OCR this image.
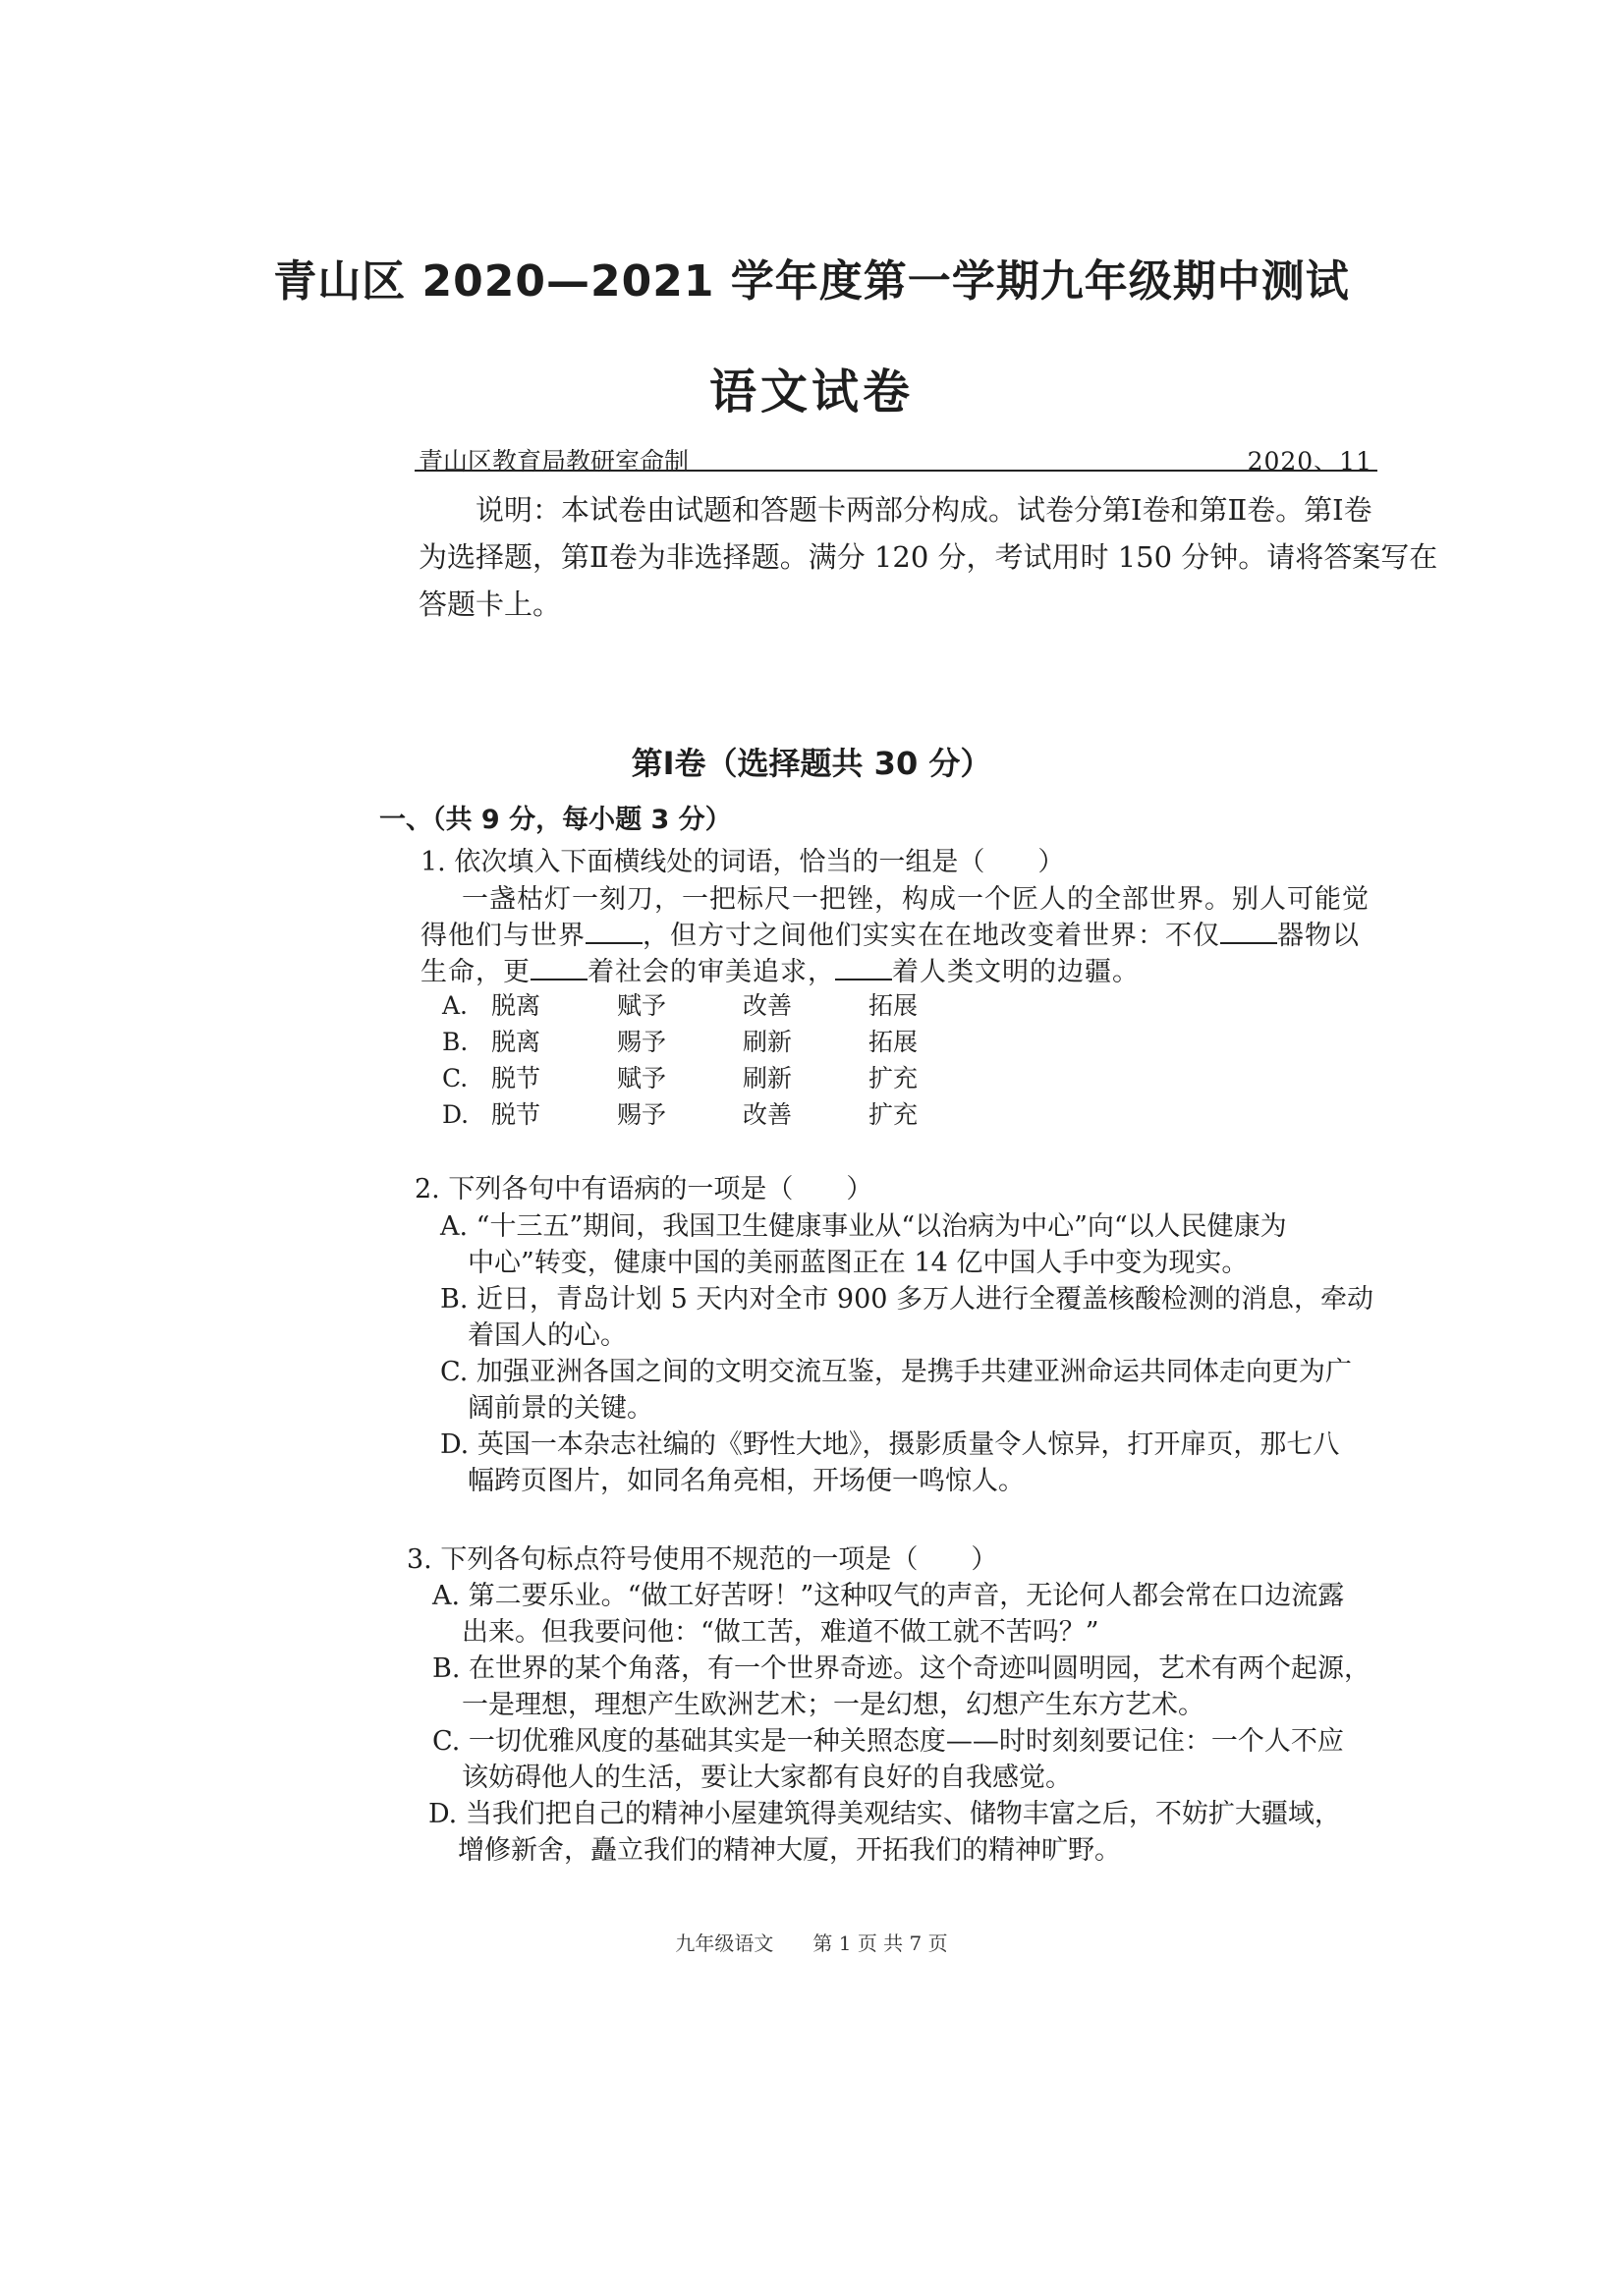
青山区 2020—2021 学年度第一学期九年级期中测试
语文试卷
青山区教育局教研室命制	2020、11
说明：本试卷由试题和答题卡两部分构成。试卷分第Ⅰ卷和第Ⅱ卷。第Ⅰ卷
为选择题，第Ⅱ卷为非选择题。满分 120 分，考试用时 150 分钟。请将答案写在
答题卡上。
第Ⅰ卷（选择题共 30 分）
一、（共 9 分，每小题 3 分）
1. 依次填入下面横线处的词语，恰当的一组是（　　）
一盏枯灯一刻刀，一把标尺一把锉，构成一个匠人的全部世界。别人可能觉
得他们与世界 ，但方寸之间他们实实在在地改变着世界：不仅 器物以
生命，更 着社会的审美追求， 着人类文明的边疆。
A. 脱离	赋予	改善	拓展
B. 脱离	赐予	刷新	拓展
C. 脱节	赋予	刷新	扩充
D. 脱节	赐予	改善	扩充
2. 下列各句中有语病的一项是（　　）
A. “十三五”期间，我国卫生健康事业从“以治病为中心”向“以人民健康为
中心”转变，健康中国的美丽蓝图正在 14 亿中国人手中变为现实。
B. 近日，青岛计划 5 天内对全市 900 多万人进行全覆盖核酸检测的消息，牵动
着国人的心。
C. 加强亚洲各国之间的文明交流互鉴，是携手共建亚洲命运共同体走向更为广
阔前景的关键。
D. 英国一本杂志社编的《野性大地》，摄影质量令人惊异，打开扉页，那七八
幅跨页图片，如同名角亮相，开场便一鸣惊人。
3. 下列各句标点符号使用不规范的一项是（　　）
A. 第二要乐业。“做工好苦呀！”这种叹气的声音，无论何人都会常在口边流露
出来。但我要问他：“做工苦，难道不做工就不苦吗？”
B. 在世界的某个角落，有一个世界奇迹。这个奇迹叫圆明园，艺术有两个起源，
一是理想，理想产生欧洲艺术；一是幻想，幻想产生东方艺术。
C. 一切优雅风度的基础其实是一种关照态度——时时刻刻要记住：一个人不应
该妨碍他人的生活，要让大家都有良好的自我感觉。
D. 当我们把自己的精神小屋建筑得美观结实、储物丰富之后，不妨扩大疆域，
增修新舍，矗立我们的精神大厦，开拓我们的精神旷野。
九年级语文　　第 1 页 共 7 页
